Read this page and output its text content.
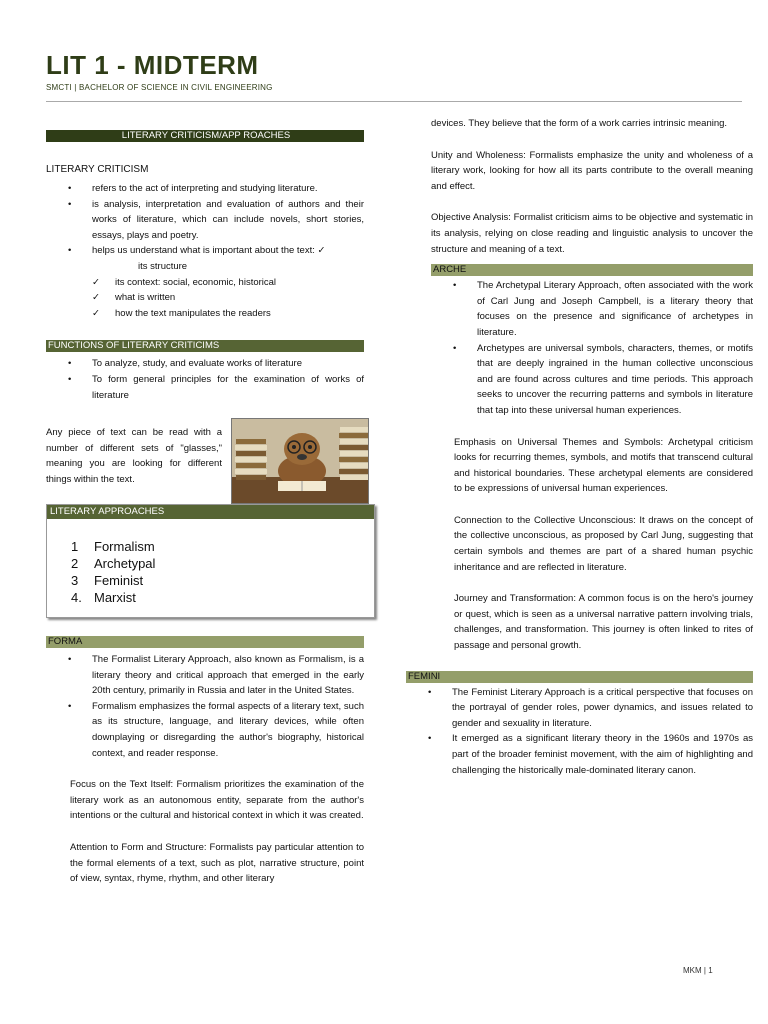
LIT 1 - MIDTERM
SMCTI | BACHELOR OF SCIENCE IN CIVIL ENGINEERING
LITERARY CRITICISM/APP ROACHES
LITERARY CRITICISM
• refers to the act of interpreting and studying literature.
• is analysis, interpretation and evaluation of authors and their works of literature, which can include novels, short stories, essays, plays and poetry.
• helps us understand what is important about the text: ✓

its structure

✓ its context: social, economic, historical
✓ what is written
✓ how the text manipulates the readers
FUNCTIONS OF LITERARY CRITICIMS
• To analyze, study, and evaluate works of literature
• To form general principles for the examination of works of literature

Any piece of text can be read with a number of different sets of "glasses," meaning you are looking for different things within the text.

LITERARY APPROACHES
1 Formalism
2 Archetypal
3 Feminist
4. Marxist
FORMA
• The Formalist Literary Approach, also known as Formalism, is a literary theory and critical approach that emerged in the early 20th century, primarily in Russia and later in the United States.
• Formalism emphasizes the formal aspects of a literary text, such as its structure, language, and literary devices, while often downplaying or disregarding the author's biography, historical context, and reader response.

Focus on the Text Itself: Formalism prioritizes the examination of the literary work as an autonomous entity, separate from the author's intentions or the cultural and historical context in which it was created.

Attention to Form and Structure: Formalists pay particular attention to the formal elements of a text, such as plot, narrative structure, point of view, syntax, rhyme, rhythm, and other literary

devices. They believe that the form of a work carries intrinsic meaning.

Unity and Wholeness: Formalists emphasize the unity and wholeness of a literary work, looking for how all its parts contribute to the overall meaning and effect.

Objective Analysis: Formalist criticism aims to be objective and systematic in its analysis, relying on close reading and linguistic analysis to uncover the structure and meaning of a text.

ARCHE
• The Archetypal Literary Approach, often associated with the work of Carl Jung and Joseph Campbell, is a literary theory that focuses on the presence and significance of archetypes in literature.
• Archetypes are universal symbols, characters, themes, or motifs that are deeply ingrained in the human collective unconscious and are found across cultures and time periods. This approach seeks to uncover the recurring patterns and symbols in literature that tap into these universal human experiences.

Emphasis on Universal Themes and Symbols: Archetypal criticism looks for recurring themes, symbols, and motifs that transcend cultural and historical boundaries. These archetypal elements are considered to be expressions of universal human experiences.

Connection to the Collective Unconscious: It draws on the concept of the collective unconscious, as proposed by Carl Jung, suggesting that certain symbols and themes are part of a shared human psychic inheritance and are reflected in literature.

Journey and Transformation: A common focus is on the hero's journey or quest, which is seen as a universal narrative pattern involving trials, challenges, and transformation. This journey is often linked to rites of passage and personal growth.

FEMINI
• The Feminist Literary Approach is a critical perspective that focuses on the portrayal of gender roles, power dynamics, and issues related to gender and sexuality in literature.
• It emerged as a significant literary theory in the 1960s and 1970s as part of the broader feminist movement, with the aim of highlighting and challenging the historically male-dominated literary canon.
MKM | 1
